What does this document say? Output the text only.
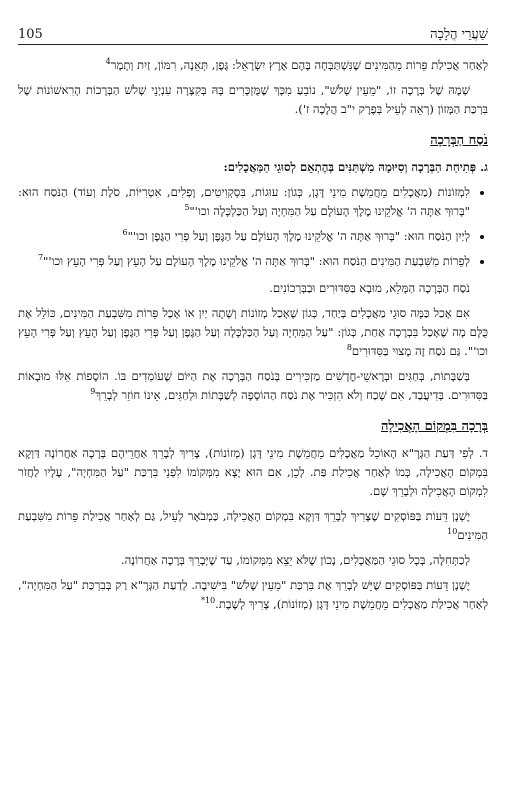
105	שַׁעֲרֵי הֲלָכָה

לְאַחַר אֲכִילַת פֵּרוֹת מֵהַמִּינִים שֶׁנִּשְׁתַּבְּחָה בָּהֶם אֶרֶץ יִשְׂרָאֵל: גֶּפֶן, תְּאֵנָה, רִמּוֹן, זַיִת וְתָמָר$^4$

שְׁמָהּ שֶׁל בְּרָכָה זוֹ, "מֵעֵין שָׁלֹשׁ", נוֹבֵעַ מִכָּךְ שֶׁמֻּזְכָּרִים בָּהּ בְּקִצָּרָה עִנְיְנֵי שָׁלֹשׁ הַבְּרָכוֹת הָרִאשׁוֹנוֹת שֶׁל בִּרְכַּת הַמָּזוֹן (רְאֵה לְעֵיל בְּפֶרֶק י"ב הֲלָכָה ז').

נֹסַח הַבְּרָכָה

ג. פְּתִיחַת הַבְּרָכָה וְסִיּוּמָהּ מִשְׁתַּנִּים בְּהֶתְאֵם לְסוּגֵי הַמַּאֲכָלִים:

• לִמְזוֹנוֹת (מַאֲכָלִים מֵחֲמֵשֶׁת מִינֵי דָּגָן, כְּגוֹן: עוּגוֹת, בִּסְקְוִיטִים, וָפְלִים, אִטְרִיּוֹת, סֹלֶת וְעוֹד) הַנֹּסַח הוּא: "בָּרוּךְ אַתָּה ה' אֱלֹקֵינוּ מֶלֶךְ הָעוֹלָם עַל הַמִּחְיָה וְעַל הַכַּלְכָּלָה וכו'"$^5$
• לְיַיִן הַנֹּסַח הוּא: "בָּרוּךְ אַתָּה ה' אֱלֹקֵינוּ מֶלֶךְ הָעוֹלָם עַל הַגֶּפֶן וְעַל פְּרִי הַגֶּפֶן וכו'"$^6$
• לְפֵרוֹת מִשִּׁבְעַת הַמִּינִים הַנֹּסַח הוּא: "בָּרוּךְ אַתָּה ה' אֱלֹקֵינוּ מֶלֶךְ הָעוֹלָם עַל הָעֵץ וְעַל פְּרִי הָעֵץ וכו'"$^7$

נֹסַח הַבְּרָכָה הַמָּלֵא, מוּבָא בַּסִּדּוּרִים וּבַבְּרְכוֹנִים.

אִם אָכַל כַּמָּה סוּגֵי מַאֲכָלִים בְּיַחַד, כְּגוֹן שֶׁאָכַל מְזוֹנוֹת וְשָׁתָה יַיִן אוֹ אָכַל פֵּרוֹת מִשִּׁבְעַת הַמִּינִים, כּוֹלֵל אֶת כֻּלָּם מָה שֶׁאָכַל בִּבְרָכָה אַחַת, כְּגוֹן: "עַל הַמִּחְיָה וְעַל הַכַּלְכָּלָה וְעַל הַגֶּפֶן וְעַל פְּרִי הַגֶּפֶן וְעַל הָעֵץ וְעַל פְּרִי הָעֵץ וכו'". גַּם נֹסַח זֶה מָצוּי בַּסִּדּוּרִים$^8$

בְּשַׁבָּתוֹת, בְּחַגִּים וּבְרָאשֵׁי-חֳדָשִׁים מַזְכִּירִים בְּנֹסַח הַבְּרָכָה אֶת הַיּוֹם שֶׁעוֹמְדִים בּוֹ. הוֹסָפוֹת אֵלּוּ מוּבָאוֹת בַּסִּדּוּרִים. בְּדִיעֲבַד, אִם שָׁכַח וְלֹא הִזְכִּיר אֶת נֹסַח הַהוֹסָפָה לְשַׁבָּתוֹת וּלְחַגִּים, אֵינוֹ חוֹזֵר לְבָרֵךְ$^9$

בְּרָכָה בִּמְקוֹם הָאֲכִילָה

ד. לְפִי דַּעַת הַגְּרָ"א הָאוֹכֵל מַאֲכָלִים מֵחֲמֵשֶׁת מִינֵי דָּגָן (מְזוֹנוֹת), צָרִיךְ לְבָרֵךְ אַחֲרֵיהֶם בְּרָכָה אַחֲרוֹנָה דַּוְקָא בִּמְקוֹם הָאֲכִילָה, כְּמוֹ לְאַחַר אֲכִילַת פַּת. לָכֵן, אִם הוּא יָצָא מִמְּקוֹמוֹ לִפְנֵי בִּרְכַּת "עַל הַמִּחְיָה", עָלָיו לַחֲזֹר לִמְקוֹם הָאֲכִילָה וּלְבָרֵךְ שָׁם.

יֶשְׁנָן דֵּעוֹת בַּפּוֹסְקִים שֶׁצָּרִיךְ לְבָרֵךְ דַּוְקָא בִּמְקוֹם הָאֲכִילָה, כַּמְבֹאָר לְעֵיל, גַּם לְאַחַר אֲכִילַת פֵּרוֹת מִשִּׁבְעַת הַמִּינִים$^{10}$

לְכַתְּחִלָּה, בְּכָל סוּגֵי הַמַּאֲכָלִים, נָכוֹן שֶׁלֹּא יֵצֵא מִמְּקוֹמוֹ, עַד שֶׁיְּבָרֵךְ בְּרָכָה אַחֲרוֹנָה.

יֶשְׁנָן דֵּעוֹת בַּפּוֹסְקִים שֶׁיֵּשׁ לְבָרֵךְ אֶת בִּרְכַּת "מֵעֵין שָׁלֹשׁ" בִּישִׁיבָה. לְדַעַת הַגְּרָ"א רַק בְּבִרְכַּת "עַל הַמִּחְיָה", לְאַחַר אֲכִילַת מַאֲכָלִים מֵחֲמֵשֶׁת מִינֵי דָּגָן (מְזוֹנוֹת), צָרִיךְ לָשֶׁבֶת.$^{10*}$
